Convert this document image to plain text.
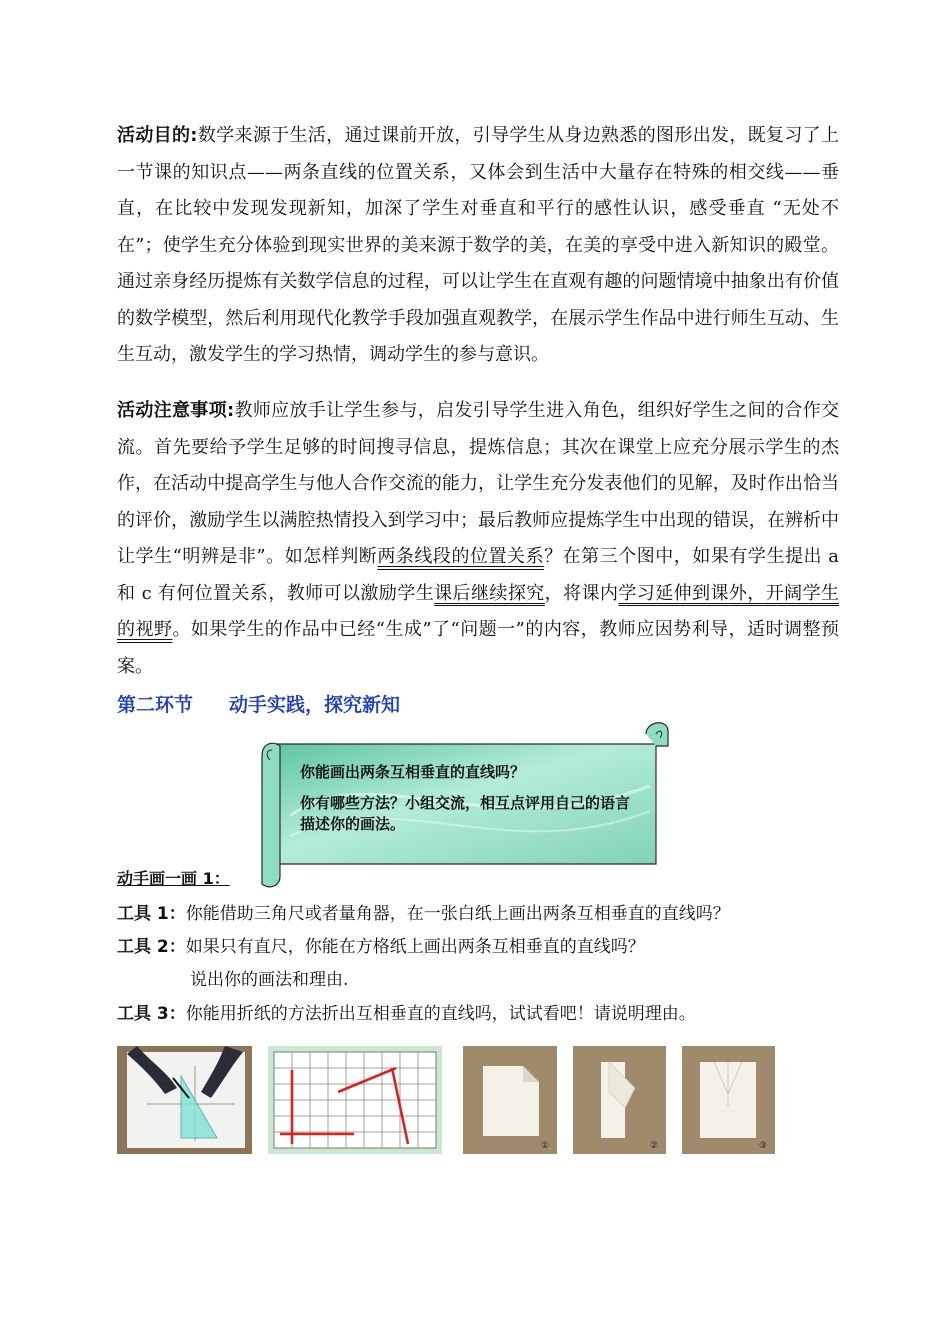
活动目的:数学来源于生活，通过课前开放，引导学生从身边熟悉的图形出发，既复习了上一节课的知识点——两条直线的位置关系，又体会到生活中大量存在特殊的相交线——垂直，在比较中发现发现新知，加深了学生对垂直和平行的感性认识，感受垂直 “无处不在”；使学生充分体验到现实世界的美来源于数学的美，在美的享受中进入新知识的殿堂。通过亲身经历提炼有关数学信息的过程，可以让学生在直观有趣的问题情境中抽象出有价值的数学模型，然后利用现代化教学手段加强直观教学，在展示学生作品中进行师生互动、生生互动，激发学生的学习热情，调动学生的参与意识。

活动注意事项:教师应放手让学生参与，启发引导学生进入角色，组织好学生之间的合作交流。首先要给予学生足够的时间搜寻信息，提炼信息；其次在课堂上应充分展示学生的杰作，在活动中提高学生与他人合作交流的能力，让学生充分发表他们的见解，及时作出恰当的评价，激励学生以满腔热情投入到学习中；最后教师应提炼学生中出现的错误，在辨析中让学生“明辨是非”。如怎样判断两条线段的位置关系？在第三个图中，如果有学生提出 a 和 c 有何位置关系，教师可以激励学生课后继续探究，将课内学习延伸到课外，开阔学生的视野。如果学生的作品中已经“生成”了“问题一”的内容，教师应因势利导，适时调整预案。

第二环节 动手实践，探究新知

你能画出两条互相垂直的直线吗？

你有哪些方法？小组交流，相互点评用自己的语言描述你的画法。

动手画一画 1：

工具 1：你能借助三角尺或者量角器，在一张白纸上画出两条互相垂直的直线吗？

工具 2：如果只有直尺，你能在方格纸上画出两条互相垂直的直线吗？

说出你的画法和理由.

工具 3：你能用折纸的方法折出互相垂直的直线吗，试试看吧！请说明理由。

①	②	③
